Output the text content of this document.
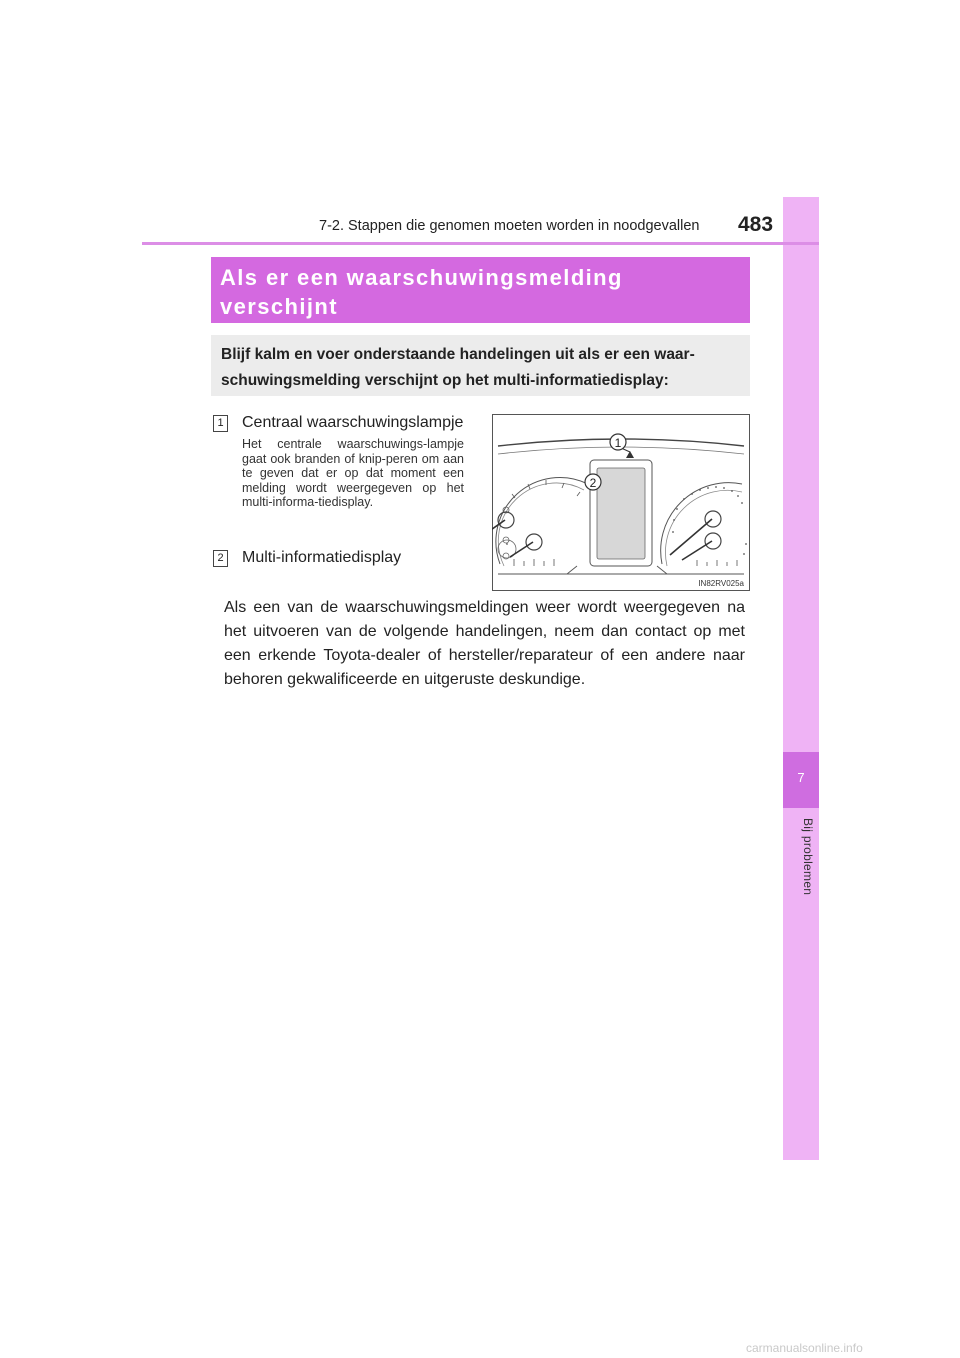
7
Bij problemen
7-2. Stappen die genomen moeten worden in noodgevallen 483
Als er een waarschuwingsmelding
verschijnt
Blijf kalm en voer onderstaande handelingen uit als er een waar-
schuwingsmelding verschijnt op het multi-informatiedisplay:
1 Centraal waarschuwingslampje
Het centrale waarschuwings-lampje gaat ook branden of knip-peren om aan te geven dat er op dat moment een melding wordt weergegeven op het multi-informa-tiedisplay.
2 Multi-informatiedisplay
Als een van de waarschuwingsmeldingen weer wordt weergegeven na het uitvoeren van de volgende handelingen, neem dan contact op met een erkende Toyota-dealer of hersteller/reparateur of een andere naar behoren gekwalificeerde en uitgeruste deskundige.
1
2
IN82RV025a
carmanualsonline.info
